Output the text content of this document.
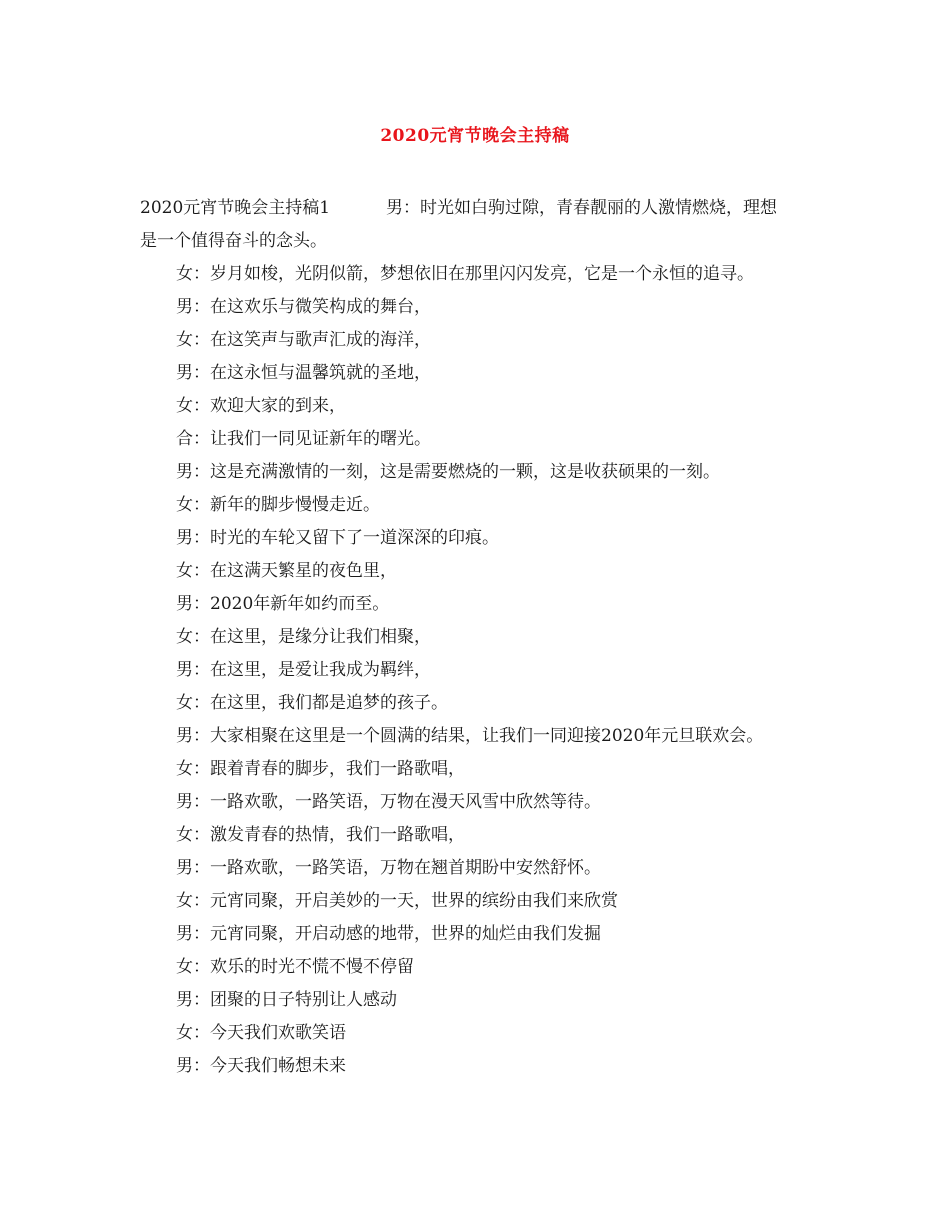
2020元宵节晚会主持稿
2020元宵节晚会主持稿1	男：时光如白驹过隙，青春靓丽的人激情燃烧，理想
是一个值得奋斗的念头。
女：岁月如梭，光阴似箭，梦想依旧在那里闪闪发亮，它是一个永恒的追寻。
男：在这欢乐与微笑构成的舞台，
女：在这笑声与歌声汇成的海洋，
男：在这永恒与温馨筑就的圣地，
女：欢迎大家的到来，
合：让我们一同见证新年的曙光。
男：这是充满激情的一刻，这是需要燃烧的一颗，这是收获硕果的一刻。
女：新年的脚步慢慢走近。
男：时光的车轮又留下了一道深深的印痕。
女：在这满天繁星的夜色里，
男：2020年新年如约而至。
女：在这里，是缘分让我们相聚，
男：在这里，是爱让我成为羁绊，
女：在这里，我们都是追梦的孩子。
男：大家相聚在这里是一个圆满的结果，让我们一同迎接2020年元旦联欢会。
女：跟着青春的脚步，我们一路歌唱，
男：一路欢歌，一路笑语，万物在漫天风雪中欣然等待。
女：激发青春的热情，我们一路歌唱，
男：一路欢歌，一路笑语，万物在翘首期盼中安然舒怀。
女：元宵同聚，开启美妙的一天，世界的缤纷由我们来欣赏
男：元宵同聚，开启动感的地带，世界的灿烂由我们发掘
女：欢乐的时光不慌不慢不停留
男：团聚的日子特别让人感动
女：今天我们欢歌笑语
男：今天我们畅想未来
